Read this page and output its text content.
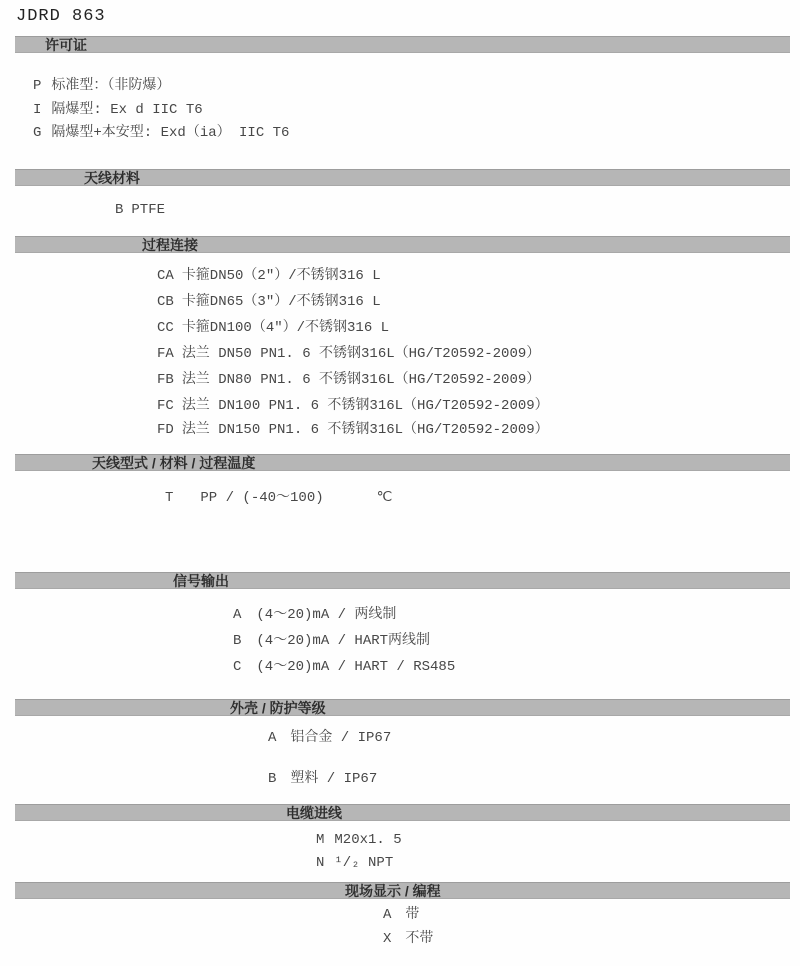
JDRD 863
许可证
P 标准型：（非防爆）
I 隔爆型: Ex d IIC T6
G 隔爆型+本安型: Exd（ia） IIC T6
天线材料
B PTFE
过程连接
CA 卡箍DN50（2″）/不锈钢316 L
CB 卡箍DN65（3″）/不锈钢316 L
CC 卡箍DN100（4″）/不锈钢316 L
FA 法兰 DN50 PN1. 6 不锈钢316L（HG/T20592-2009）
FB 法兰 DN80 PN1. 6 不锈钢316L（HG/T20592-2009）
FC 法兰 DN100 PN1. 6 不锈钢316L（HG/T20592-2009）
FD 法兰 DN150 PN1. 6 不锈钢316L（HG/T20592-2009）
天线型式 / 材料 / 过程温度
T PP / (-40～100)	℃
信号输出
A (4～20)mA / 两线制
B (4～20)mA / HART两线制
C (4～20)mA / HART / RS485
外壳 / 防护等级
A 铝合金 / IP67
B 塑料 / IP67
电缆进线
M M20x1. 5
N ¹/₂ NPT
现场显示 / 编程
A 带
X 不带
